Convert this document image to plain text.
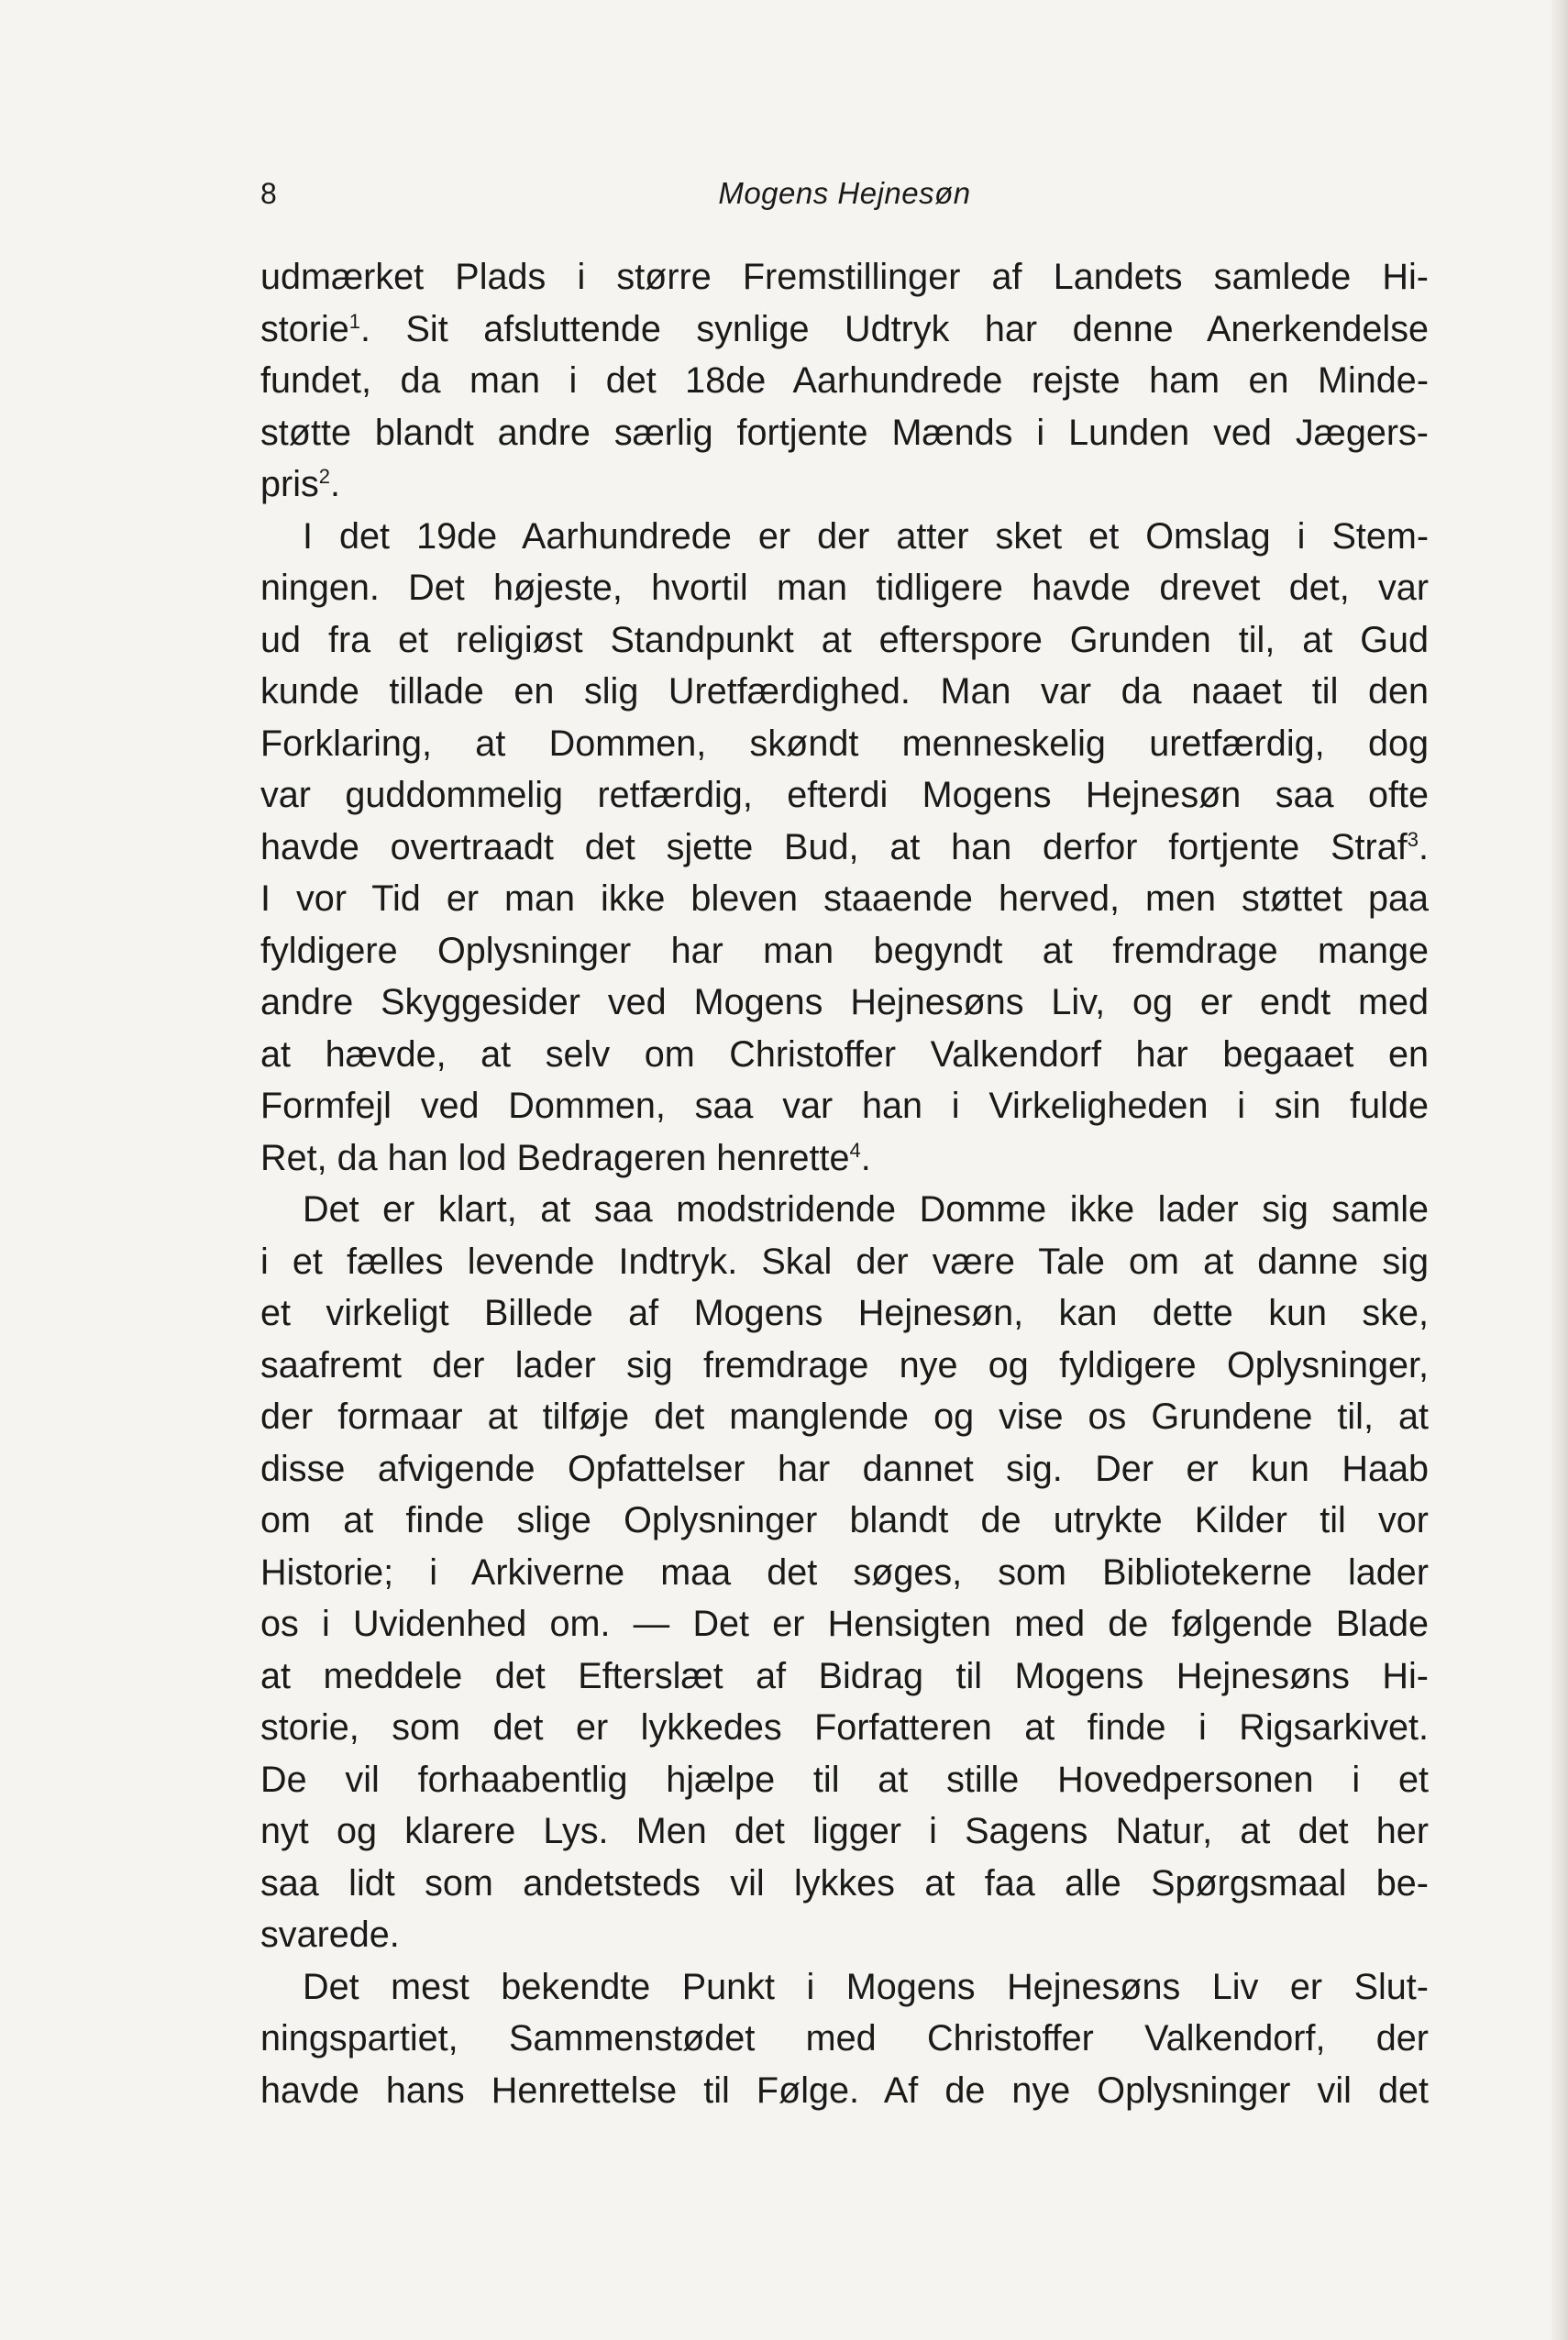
8	Mogens Hejnesøn
udmærket Plads i større Fremstillinger af Landets samlede Hi-
storie$^1$. Sit afsluttende synlige Udtryk har denne Anerkendelse
fundet, da man i det 18de Aarhundrede rejste ham en Minde-
støtte blandt andre særlig fortjente Mænds i Lunden ved Jægers-
pris$^2$.
I det 19de Aarhundrede er der atter sket et Omslag i Stem-
ningen. Det højeste, hvortil man tidligere havde drevet det, var
ud fra et religiøst Standpunkt at efterspore Grunden til, at Gud
kunde tillade en slig Uretfærdighed. Man var da naaet til den
Forklaring, at Dommen, skøndt menneskelig uretfærdig, dog
var guddommelig retfærdig, efterdi Mogens Hejnesøn saa ofte
havde overtraadt det sjette Bud, at han derfor fortjente Straf$^3$.
I vor Tid er man ikke bleven staaende herved, men støttet paa
fyldigere Oplysninger har man begyndt at fremdrage mange
andre Skyggesider ved Mogens Hejnesøns Liv, og er endt med
at hævde, at selv om Christoffer Valkendorf har begaaet en
Formfejl ved Dommen, saa var han i Virkeligheden i sin fulde
Ret, da han lod Bedrageren henrette$^4$.
Det er klart, at saa modstridende Domme ikke lader sig samle
i et fælles levende Indtryk. Skal der være Tale om at danne sig
et virkeligt Billede af Mogens Hejnesøn, kan dette kun ske,
saafremt der lader sig fremdrage nye og fyldigere Oplysninger,
der formaar at tilføje det manglende og vise os Grundene til, at
disse afvigende Opfattelser har dannet sig. Der er kun Haab
om at finde slige Oplysninger blandt de utrykte Kilder til vor
Historie; i Arkiverne maa det søges, som Bibliotekerne lader
os i Uvidenhed om. — Det er Hensigten med de følgende Blade
at meddele det Efterslæt af Bidrag til Mogens Hejnesøns Hi-
storie, som det er lykkedes Forfatteren at finde i Rigsarkivet.
De vil forhaabentlig hjælpe til at stille Hovedpersonen i et
nyt og klarere Lys. Men det ligger i Sagens Natur, at det her
saa lidt som andetsteds vil lykkes at faa alle Spørgsmaal be-
svarede.
Det mest bekendte Punkt i Mogens Hejnesøns Liv er Slut-
ningspartiet, Sammenstødet med Christoffer Valkendorf, der
havde hans Henrettelse til Følge. Af de nye Oplysninger vil det
